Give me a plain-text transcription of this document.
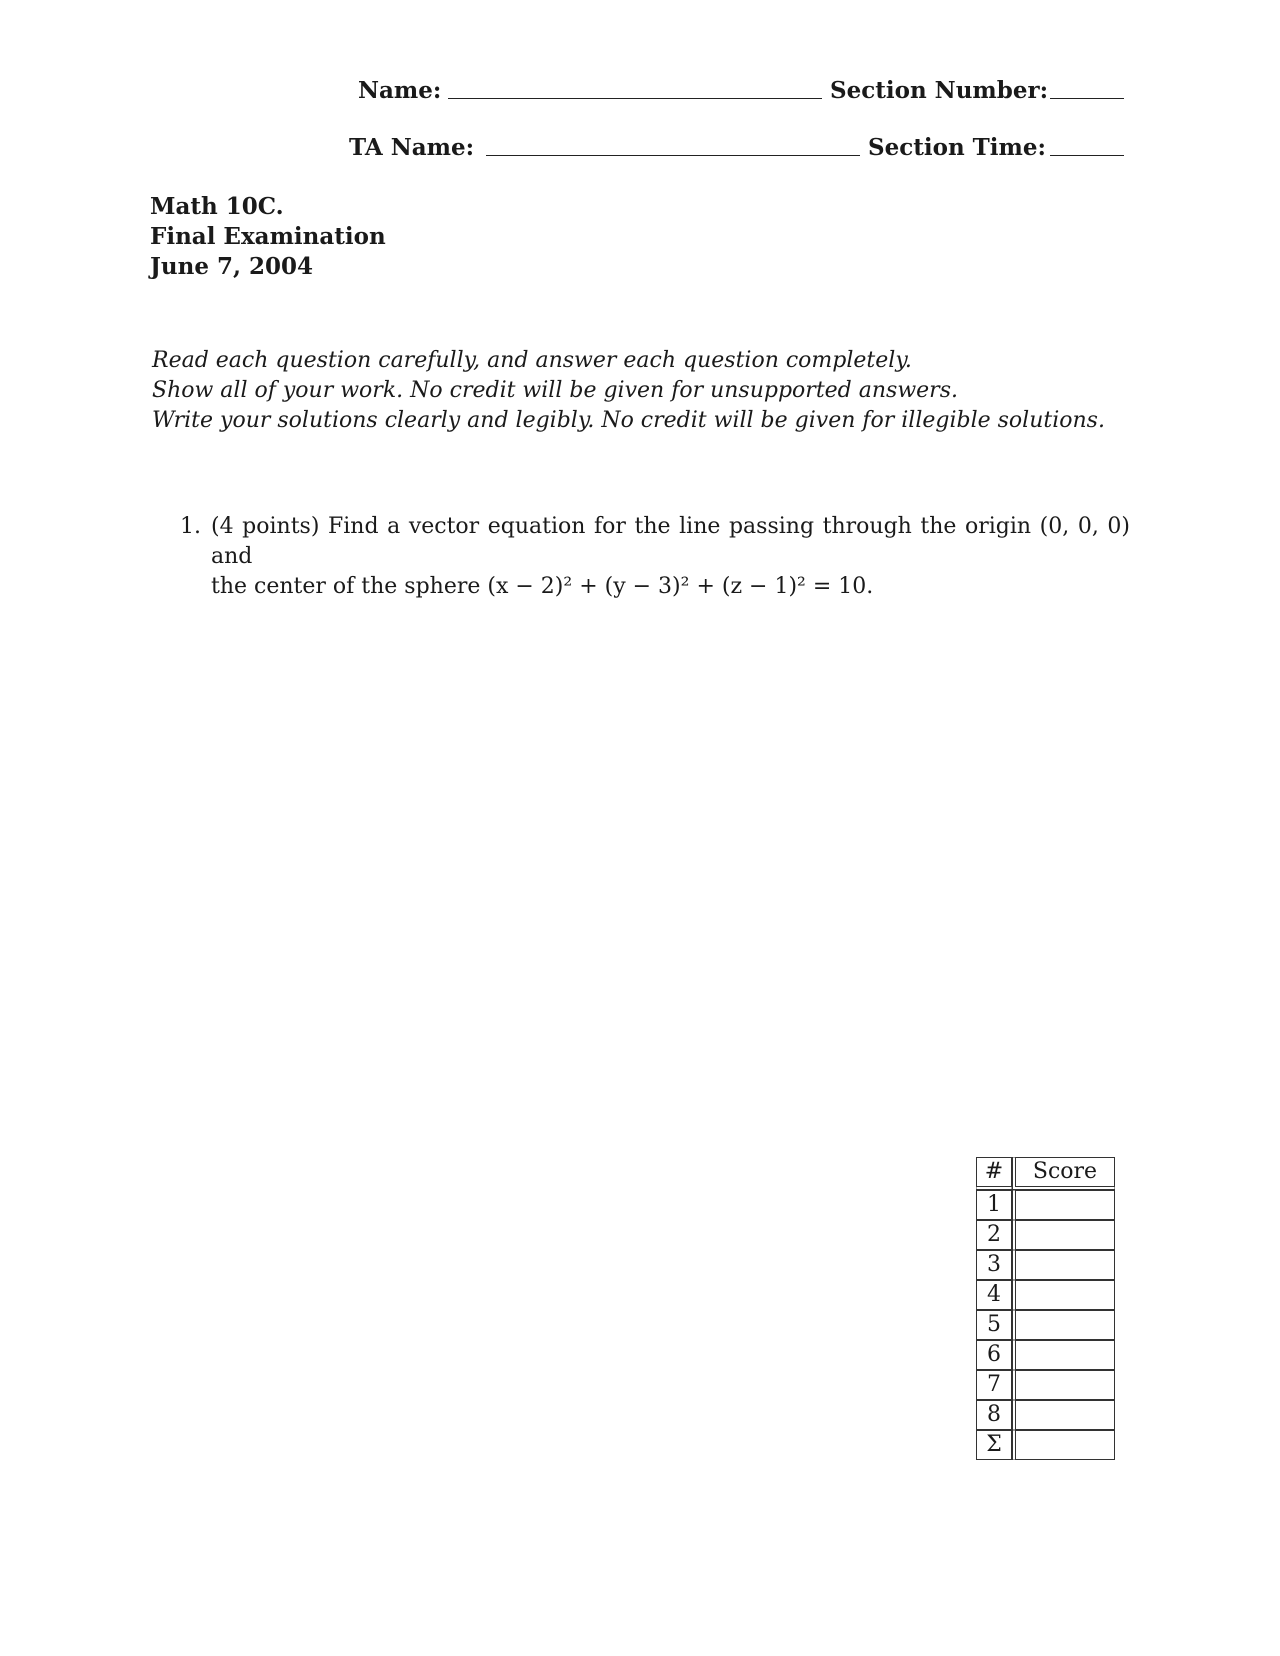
Name:	Section Number:
TA Name:	Section Time:
Math 10C.
Final Examination
June 7, 2004
Read each question carefully, and answer each question completely.
Show all of your work. No credit will be given for unsupported answers.
Write your solutions clearly and legibly. No credit will be given for illegible solutions.
1. (4 points) Find a vector equation for the line passing through the origin (0, 0, 0) and
the center of the sphere (x − 2)² + (y − 3)² + (z − 1)² = 10.
#	Score
1	
2	
3	
4	
5	
6	
7	
8	
Σ	
